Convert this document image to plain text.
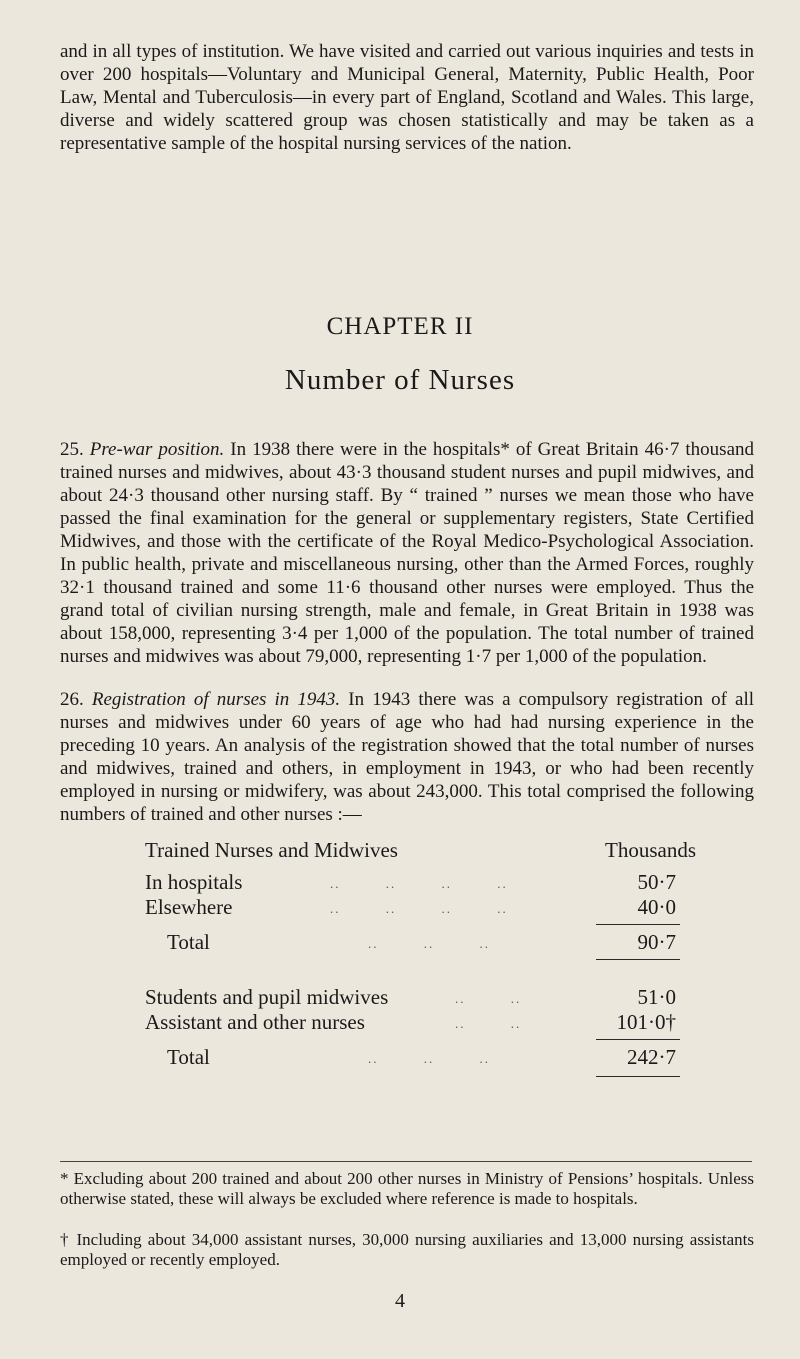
and in all types of institution. We have visited and carried out various inquiries and tests in over 200 hospitals—Voluntary and Municipal General, Maternity, Public Health, Poor Law, Mental and Tuberculosis—in every part of England, Scotland and Wales. This large, diverse and widely scattered group was chosen statistically and may be taken as a representative sample of the hospital nursing services of the nation.

CHAPTER II
Number of Nurses

25. Pre-war position. In 1938 there were in the hospitals* of Great Britain 46·7 thousand trained nurses and midwives, about 43·3 thousand student nurses and pupil midwives, and about 24·3 thousand other nursing staff. By “ trained ” nurses we mean those who have passed the final examination for the general or supplementary registers, State Certified Midwives, and those with the certificate of the Royal Medico-Psychological Association. In public health, private and miscellaneous nursing, other than the Armed Forces, roughly 32·1 thousand trained and some 11·6 thousand other nurses were employed. Thus the grand total of civilian nursing strength, male and female, in Great Britain in 1938 was about 158,000, representing 3·4 per 1,000 of the population. The total number of trained nurses and midwives was about 79,000, representing 1·7 per 1,000 of the population.

26. Registration of nurses in 1943. In 1943 there was a compulsory registration of all nurses and midwives under 60 years of age who had had nursing experience in the preceding 10 years. An analysis of the registration showed that the total number of nurses and midwives, trained and others, in employment in 1943, or who had been recently employed in nursing or midwifery, was about 243,000. This total comprised the following numbers of trained and other nurses :—

Trained Nurses and Midwives	Thousands
In hospitals	.. .. .. ..	50·7
Elsewhere	.. .. .. ..	40·0
Total	.. .. ..	90·7
Students and pupil midwives	.. ..	51·0
Assistant and other nurses	.. ..	101·0†
Total	.. .. ..	242·7

* Excluding about 200 trained and about 200 other nurses in Ministry of Pensions’ hospitals. Unless otherwise stated, these will always be excluded where reference is made to hospitals.

† Including about 34,000 assistant nurses, 30,000 nursing auxiliaries and 13,000 nursing assistants employed or recently employed.

4
